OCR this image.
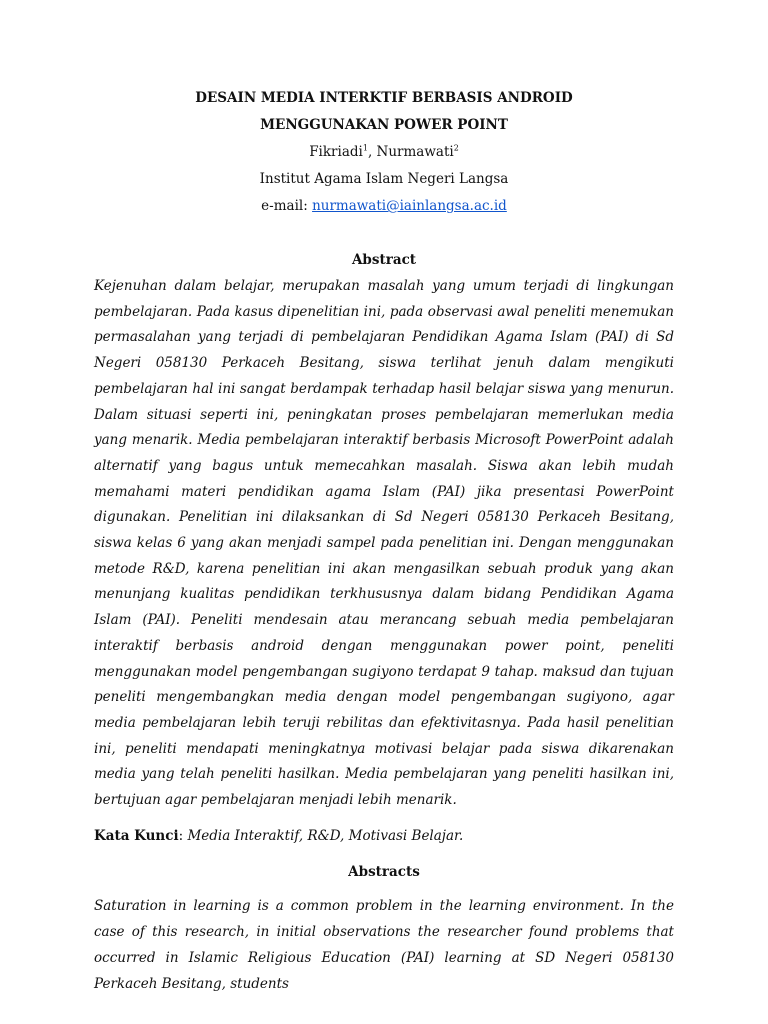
DESAIN MEDIA INTERKTIF BERBASIS ANDROID

MENGGUNAKAN POWER POINT

Fikriadi$^1$, Nurmawati$^2$

Institut Agama Islam Negeri Langsa

e-mail: nurmawati@iainlangsa.ac.id

Abstract

Kejenuhan dalam belajar, merupakan masalah yang umum terjadi di lingkungan pembelajaran. Pada kasus dipenelitian ini, pada observasi awal peneliti menemukan permasalahan yang terjadi di pembelajaran Pendidikan Agama Islam (PAI) di Sd Negeri 058130 Perkaceh Besitang, siswa terlihat jenuh dalam mengikuti pembelajaran hal ini sangat berdampak terhadap hasil belajar siswa yang menurun. Dalam situasi seperti ini, peningkatan proses pembelajaran memerlukan media yang menarik. Media pembelajaran interaktif berbasis Microsoft PowerPoint adalah alternatif yang bagus untuk memecahkan masalah. Siswa akan lebih mudah memahami materi pendidikan agama Islam (PAI) jika presentasi PowerPoint digunakan. Penelitian ini dilaksankan di Sd Negeri 058130 Perkaceh Besitang, siswa kelas 6 yang akan menjadi sampel pada penelitian ini. Dengan menggunakan metode R&D, karena penelitian ini akan mengasilkan sebuah produk yang akan menunjang kualitas pendidikan terkhususnya dalam bidang Pendidikan Agama Islam (PAI). Peneliti mendesain atau merancang sebuah media pembelajaran interaktif berbasis android dengan menggunakan power point, peneliti menggunakan model pengembangan sugiyono terdapat 9 tahap. maksud dan tujuan peneliti mengembangkan media dengan model pengembangan sugiyono, agar media pembelajaran lebih teruji rebilitas dan efektivitasnya. Pada hasil penelitian ini, peneliti mendapati meningkatnya motivasi belajar pada siswa dikarenakan media yang telah peneliti hasilkan. Media pembelajaran yang peneliti hasilkan ini, bertujuan agar pembelajaran menjadi lebih menarik.

Kata Kunci: Media Interaktif, R&D, Motivasi Belajar.

Abstracts

Saturation in learning is a common problem in the learning environment. In the case of this research, in initial observations the researcher found problems that occurred in Islamic Religious Education (PAI) learning at SD Negeri 058130 Perkaceh Besitang, students
